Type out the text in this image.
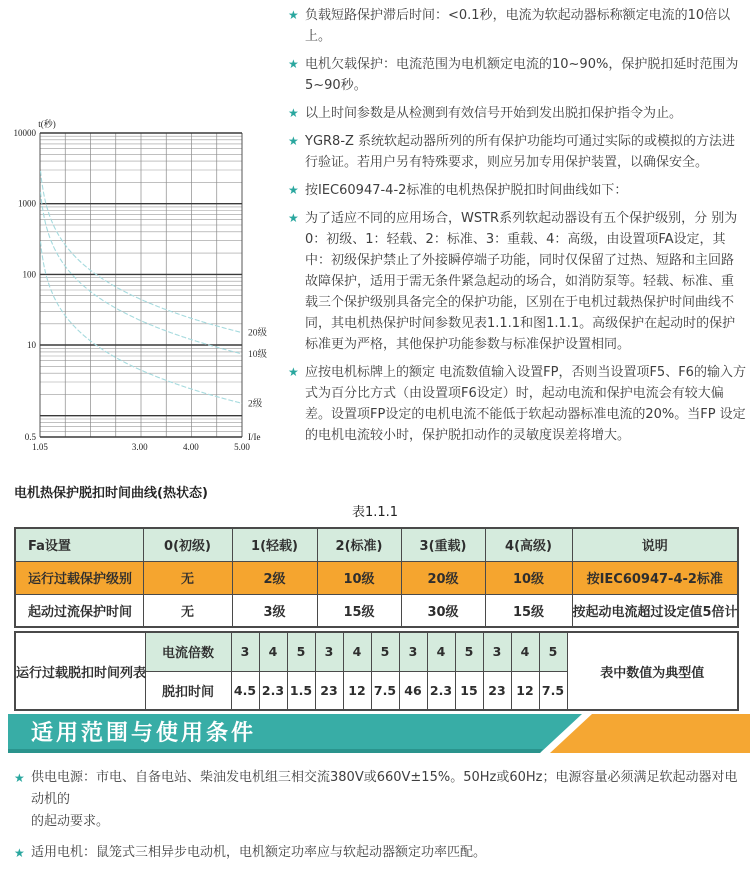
★ 负载短路保护滞后时间：<0.1秒，电流为软起动器标称额定电流的10倍以上。
★ 电机欠载保护：电流范围为电机额定电流的10~90%，保护脱扣延时范围为5~90秒。
★ 以上时间参数是从检测到有效信号开始到发出脱扣保护指令为止。
★ YGR8-Z 系统软起动器所列的所有保护功能均可通过实际的或模拟的方法进行验证。若用户另有特殊要求，则应另加专用保护装置，以确保安全。
★ 按IEC60947-4-2标准的电机热保护脱扣时间曲线如下：
★ 为了适应不同的应用场合，WSTR系列软起动器设有五个保护级别，分 别为0：初级、1：轻载、2：标准、3：重载、4：高级，由设置项FA设定，其中：初级保护禁止了外接瞬停端子功能，同时仅保留了过热、短路和主回路故障保护，适用于需无条件紧急起动的场合，如消防泵等。轻载、标准、重载三个保护级别具备完全的保护功能，区别在于电机过载热保护时间曲线不同，其电机热保护时间参数见表1.1.1和图1.1.1。高级保护在起动时的保护标准更为严格，其他保护功能参数与标准保护设置相同。
★ 应按电机标牌上的额定 电流数值输入设置FP，否则当设置项F5、F6的输入方式为百分比方式（由设置项F6设定）时，起动电流和保护电流会有较大偏差。设置项FP设定的电机电流不能低于软起动器标准电流的20%。当FP 设定的电机电流较小时，保护脱扣动作的灵敏度误差将增大。
20级
10级
2级
10000
1000
100
10
0.5
1.05	3.00	4.00	5.00
t(秒)
I/Ie
电机热保护脱扣时间曲线(热状态)
表1.1.1
Fa设置	0(初级)	1(轻载)	2(标准)	3(重载)	4(高级)	说明
运行过载保护级别	无	2级	10级	20级	10级	按IEC60947-4-2标准
起动过流保护时间	无	3级	15级	30级	15级	按起动电流超过设定值5倍计
运行过载脱扣时间列表	电流倍数	3	4	5	3	4	5	3	4	5	3	4	5	表中数值为典型值
	脱扣时间	4.5	2.3	1.5	23	12	7.5	46	2.3	15	23	12	7.5	
适用范围与使用条件
★ 供电电源：市电、自备电站、柴油发电机组三相交流380V或660V±15%。50Hz或60Hz；电源容量必须满足软起动器对电动机的
的起动要求。
★ 适用电机：鼠笼式三相异步电动机，电机额定功率应与软起动器额定功率匹配。
